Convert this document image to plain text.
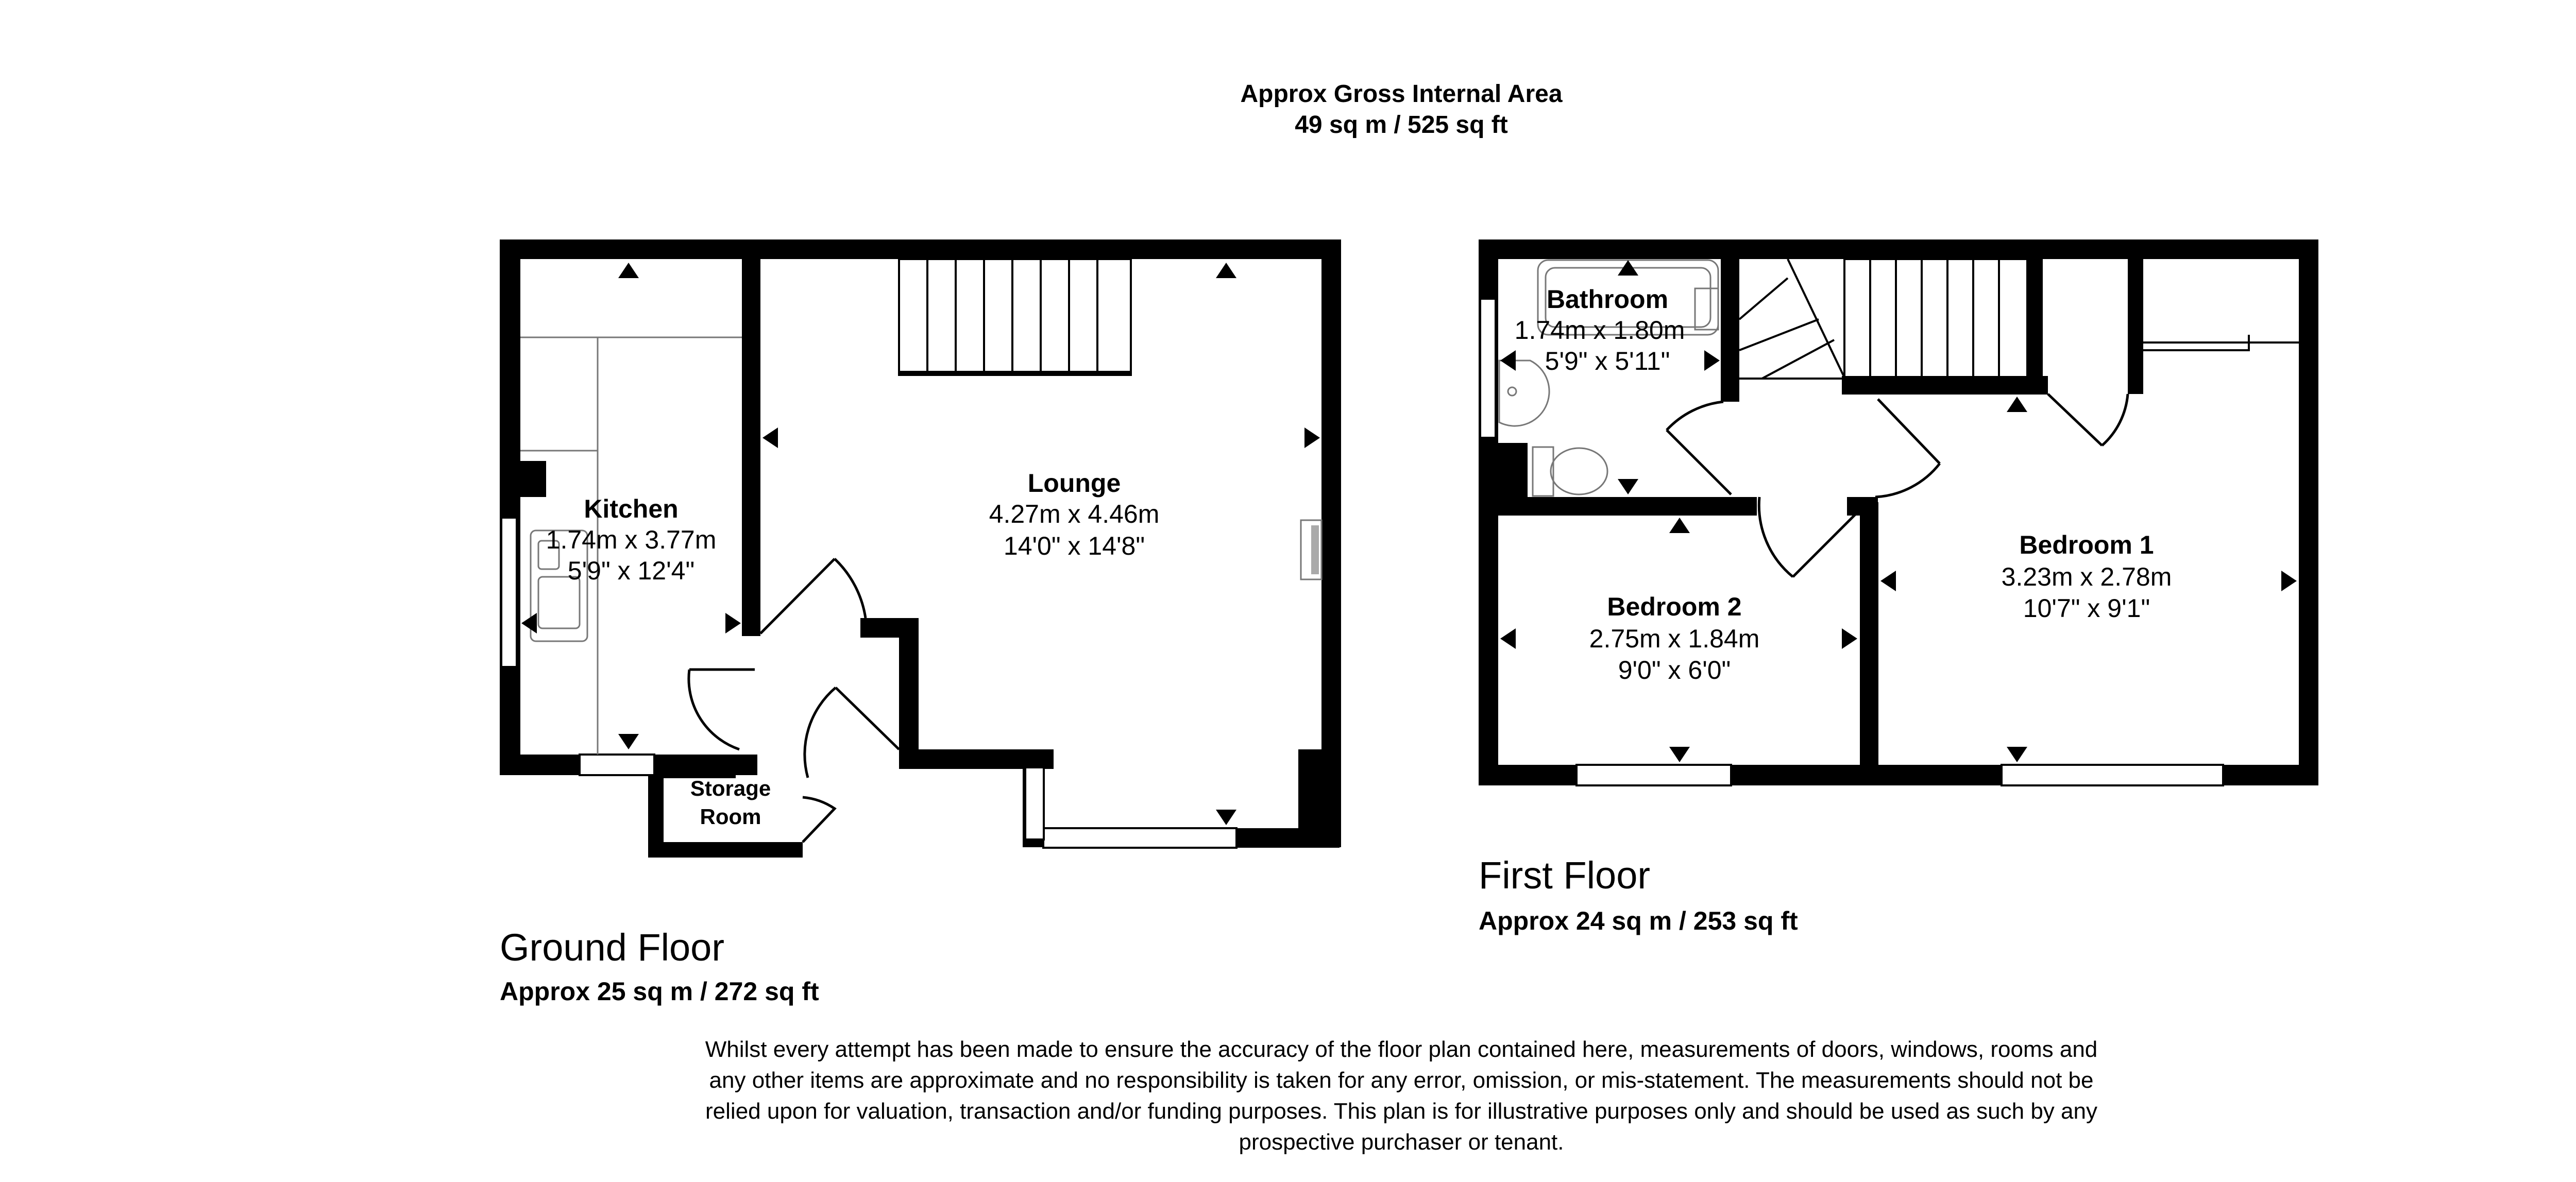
Approx Gross Internal Area
49 sq m / 525 sq ft
Kitchen
1.74m x 3.77m
5'9" x 12'4"
Lounge
4.27m x 4.46m
14'0" x 14'8"
Storage
Room
Ground Floor
Approx 25 sq m / 272 sq ft
Bathroom
1.74m x 1.80m
5'9" x 5'11"
Bedroom 1
3.23m x 2.78m
10'7" x 9'1"
Bedroom 2
2.75m x 1.84m
9'0" x 6'0"
First Floor
Approx 24 sq m / 253 sq ft
Whilst every attempt has been made to ensure the accuracy of the floor plan contained here, measurements of doors, windows, rooms and
any other items are approximate and no responsibility is taken for any error, omission, or mis-statement. The measurements should not be
relied upon for valuation, transaction and/or funding purposes. This plan is for illustrative purposes only and should be used as such by any
prospective purchaser or tenant.
